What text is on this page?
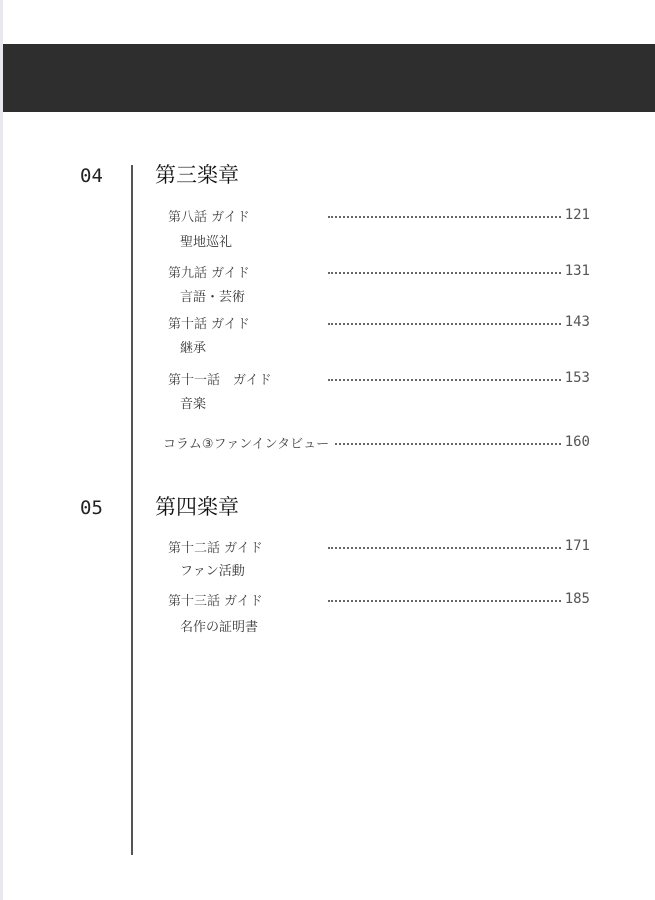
04 第三楽章
第八話 ガイド	121
聖地巡礼
第九話 ガイド	131
言語・芸術
第十話 ガイド	143
継承
第十一話　ガイド	153
音楽
コラム③ファンインタビュー	160
05 第四楽章
第十二話 ガイド	171
ファン活動
第十三話 ガイド	185
名作の証明書
